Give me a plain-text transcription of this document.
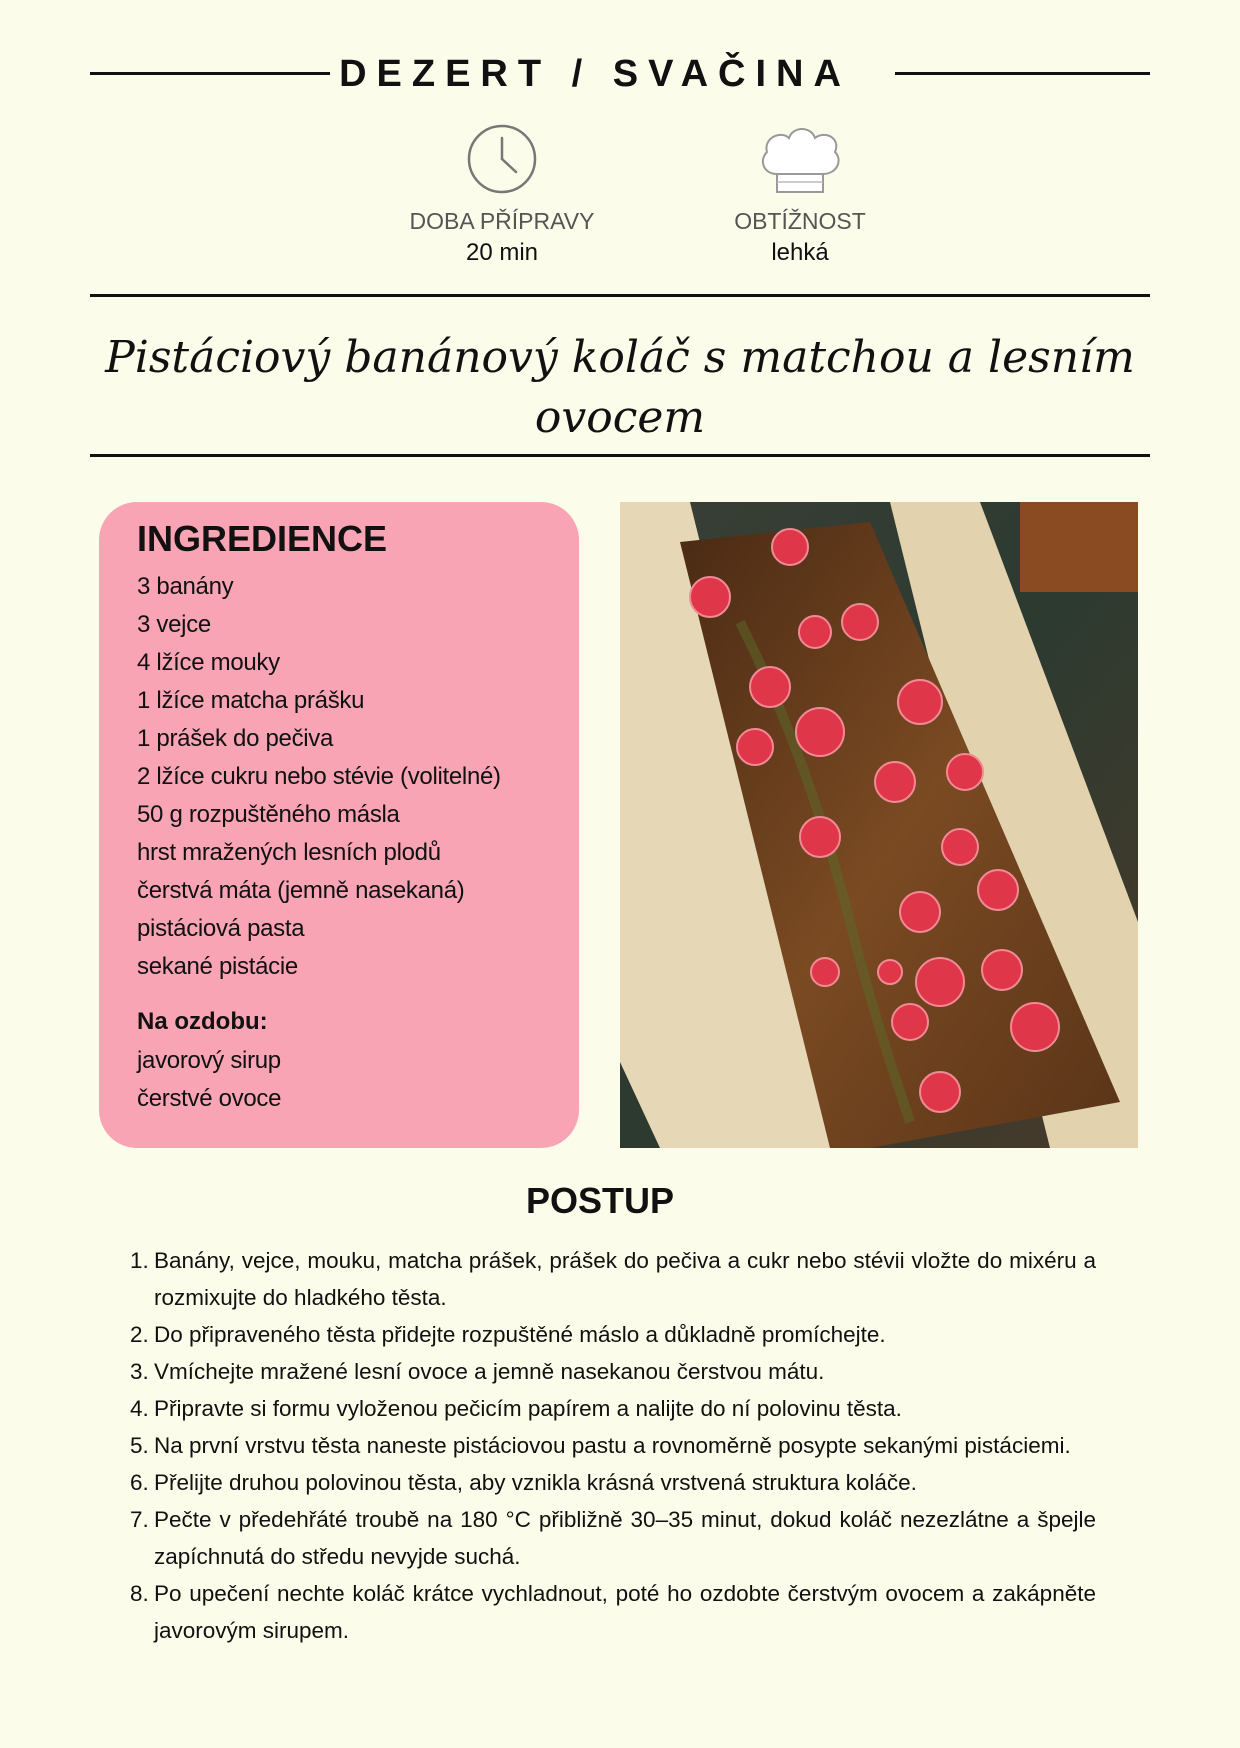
DEZERT / SVAČINA
DOBA PŘÍPRAVY
20 min
OBTÍŽNOST
lehká
Pistáciový banánový koláč s matchou a lesním ovocem
INGREDIENCE
3 banány
3 vejce
4 lžíce mouky
1 lžíce matcha prášku
1 prášek do pečiva
2 lžíce cukru nebo stévie (volitelné)
50 g rozpuštěného másla
hrst mražených lesních plodů
čerstvá máta (jemně nasekaná)
pistáciová pasta
sekané pistácie
Na ozdobu:
javorový sirup
čerstvé ovoce
POSTUP
1. Banány, vejce, mouku, matcha prášek, prášek do pečiva a cukr nebo stévii vložte do mixéru a rozmixujte do hladkého těsta.
2. Do připraveného těsta přidejte rozpuštěné máslo a důkladně promíchejte.
3. Vmíchejte mražené lesní ovoce a jemně nasekanou čerstvou mátu.
4. Připravte si formu vyloženou pečicím papírem a nalijte do ní polovinu těsta.
5. Na první vrstvu těsta naneste pistáciovou pastu a rovnoměrně posypte sekanými pistáciemi.
6. Přelijte druhou polovinou těsta, aby vznikla krásná vrstvená struktura koláče.
7. Pečte v předehřáté troubě na 180 °C přibližně 30–35 minut, dokud koláč nezezlátne a špejle zapíchnutá do středu nevyjde suchá.
8. Po upečení nechte koláč krátce vychladnout, poté ho ozdobte čerstvým ovocem a zakápněte javorovým sirupem.
